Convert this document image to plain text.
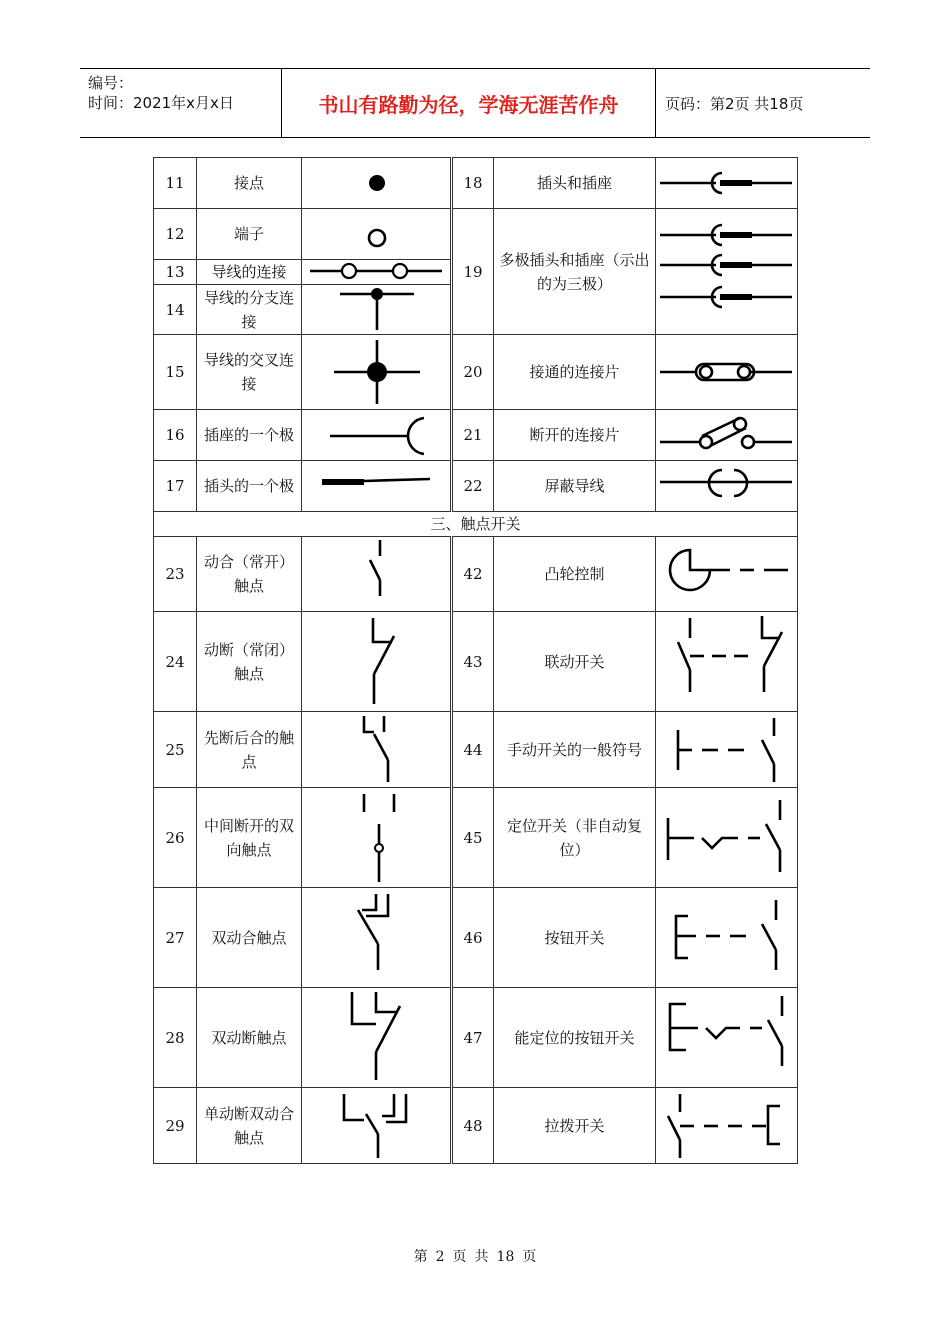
编号：
时间：2021年x月x日	书山有路勤为径，学海无涯苦作舟	页码：第2页 共18页
11	接点		18	插头和插座	

12	端子		19	多极插头和插座（示出的为三极）	

13	导线的连接	

14	导线的分支连接	

15	导线的交叉连接		20	接通的连接片	

16	插座的一个极		21	断开的连接片	

17	插头的一个极		22	屏蔽导线	

三、触点开关					
23	动合（常开）触点		42	凸轮控制	

24	动断（常闭）触点		43	联动开关	

25	先断后合的触点		44	手动开关的一般符号	

26	中间断开的双向触点		45	定位开关（非自动复位）	

27	双动合触点		46	按钮开关	

28	双动断触点		47	能定位的按钮开关	

29	单动断双动合触点		48	拉拨开关	
第 2 页 共 18 页
